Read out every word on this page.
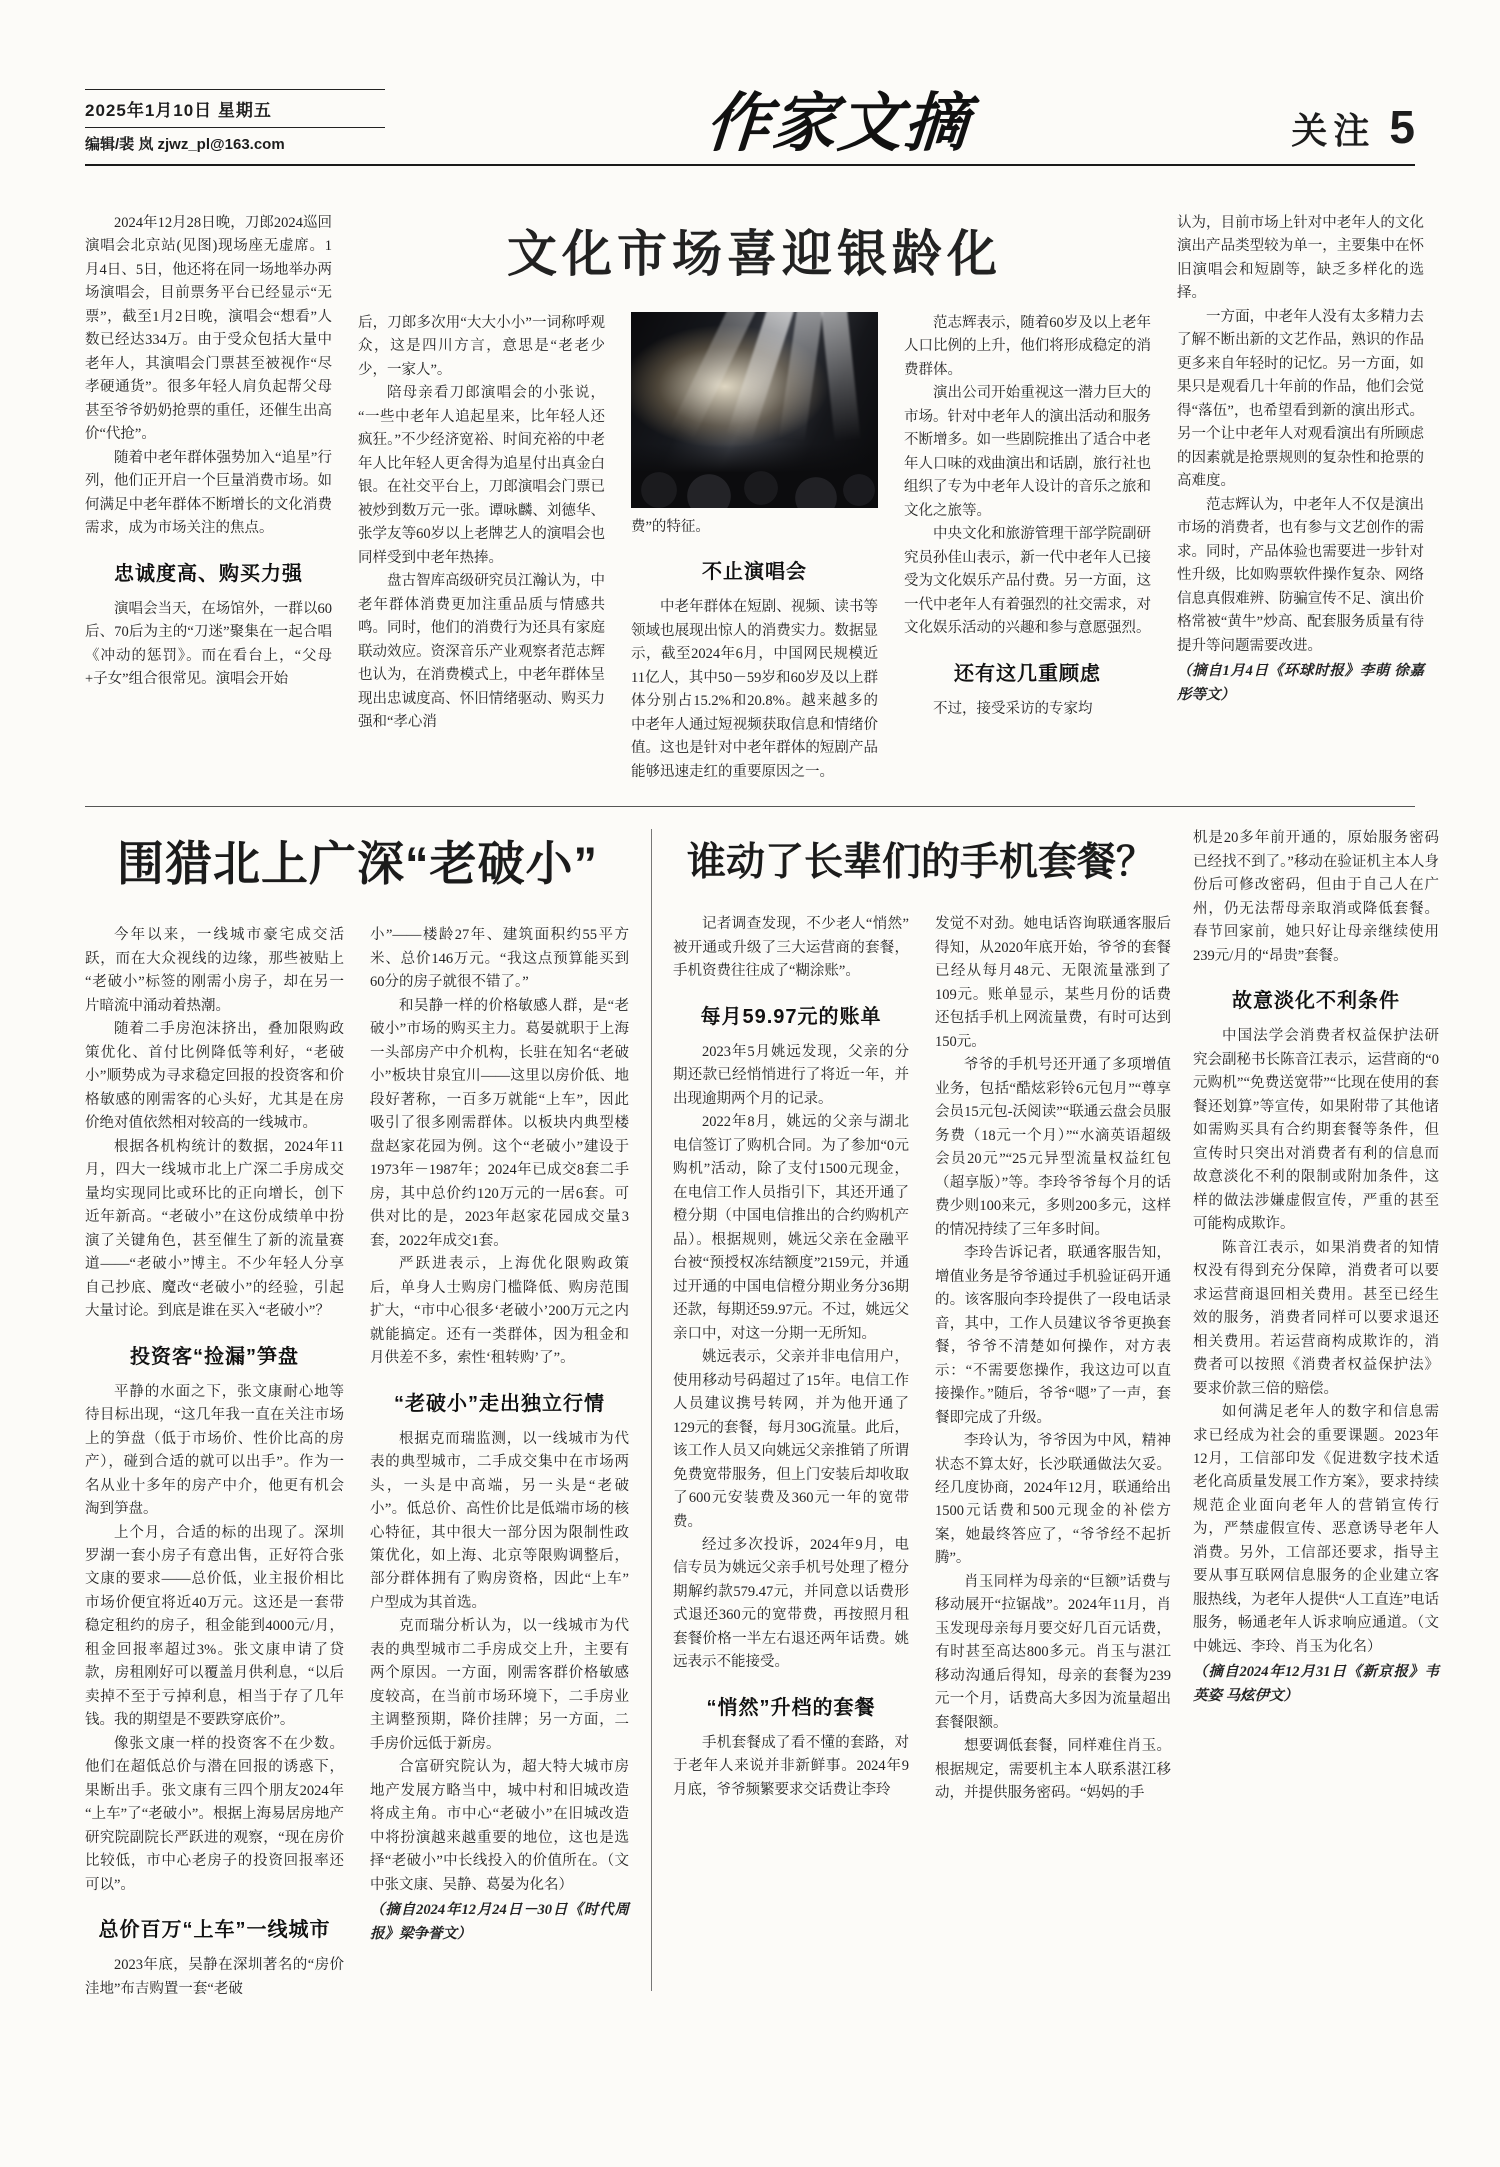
2025年1月10日 星期五
编辑/裴 岚 zjwz_pl@163.com	作家文摘	关注 5

2024年12月28日晚，刀郎2024巡回演唱会北京站(见图)现场座无虚席。1月4日、5日，他还将在同一场地举办两场演唱会，目前票务平台已经显示“无票”，截至1月2日晚，演唱会“想看”人数已经达334万。由于受众包括大量中老年人，其演唱会门票甚至被视作“尽孝硬通货”。很多年轻人肩负起帮父母甚至爷爷奶奶抢票的重任，还催生出高价“代抢”。

随着中老年群体强势加入“追星”行列，他们正开启一个巨量消费市场。如何满足中老年群体不断增长的文化消费需求，成为市场关注的焦点。

忠诚度高、购买力强

演唱会当天，在场馆外，一群以60后、70后为主的“刀迷”聚集在一起合唱《冲动的惩罚》。而在看台上，“父母+子女”组合很常见。演唱会开始

文化市场喜迎银龄化

后，刀郎多次用“大大小小”一词称呼观众，这是四川方言，意思是“老老少少，一家人”。

陪母亲看刀郎演唱会的小张说，“一些中老年人追起星来，比年轻人还疯狂。”不少经济宽裕、时间充裕的中老年人比年轻人更舍得为追星付出真金白银。在社交平台上，刀郎演唱会门票已被炒到数万元一张。谭咏麟、刘德华、张学友等60岁以上老牌艺人的演唱会也同样受到中老年热捧。

盘古智库高级研究员江瀚认为，中老年群体消费更加注重品质与情感共鸣。同时，他们的消费行为还具有家庭联动效应。资深音乐产业观察者范志辉也认为，在消费模式上，中老年群体呈现出忠诚度高、怀旧情绪驱动、购买力强和“孝心消

费”的特征。

不止演唱会

中老年群体在短剧、视频、读书等领域也展现出惊人的消费实力。数据显示，截至2024年6月，中国网民规模近11亿人，其中50－59岁和60岁及以上群体分别占15.2%和20.8%。越来越多的中老年人通过短视频获取信息和情绪价值。这也是针对中老年群体的短剧产品能够迅速走红的重要原因之一。

范志辉表示，随着60岁及以上老年人口比例的上升，他们将形成稳定的消费群体。

演出公司开始重视这一潜力巨大的市场。针对中老年人的演出活动和服务不断增多。如一些剧院推出了适合中老年人口味的戏曲演出和话剧，旅行社也组织了专为中老年人设计的音乐之旅和文化之旅等。

中央文化和旅游管理干部学院副研究员孙佳山表示，新一代中老年人已接受为文化娱乐产品付费。另一方面，这一代中老年人有着强烈的社交需求，对文化娱乐活动的兴趣和参与意愿强烈。

还有这几重顾虑

不过，接受采访的专家均

认为，目前市场上针对中老年人的文化演出产品类型较为单一，主要集中在怀旧演唱会和短剧等，缺乏多样化的选择。

一方面，中老年人没有太多精力去了解不断出新的文艺作品，熟识的作品更多来自年轻时的记忆。另一方面，如果只是观看几十年前的作品，他们会觉得“落伍”，也希望看到新的演出形式。另一个让中老年人对观看演出有所顾虑的因素就是抢票规则的复杂性和抢票的高难度。

范志辉认为，中老年人不仅是演出市场的消费者，也有参与文艺创作的需求。同时，产品体验也需要进一步针对性升级，比如购票软件操作复杂、网络信息真假难辨、防骗宣传不足、演出价格常被“黄牛”炒高、配套服务质量有待提升等问题需要改进。

（摘自1月4日《环球时报》李萌 徐嘉彤等文）

围猎北上广深“老破小”

今年以来，一线城市豪宅成交活跃，而在大众视线的边缘，那些被贴上“老破小”标签的刚需小房子，却在另一片暗流中涌动着热潮。

随着二手房泡沫挤出，叠加限购政策优化、首付比例降低等利好，“老破小”顺势成为寻求稳定回报的投资客和价格敏感的刚需客的心头好，尤其是在房价绝对值依然相对较高的一线城市。

根据各机构统计的数据，2024年11月，四大一线城市北上广深二手房成交量均实现同比或环比的正向增长，创下近年新高。“老破小”在这份成绩单中扮演了关键角色，甚至催生了新的流量赛道——“老破小”博主。不少年轻人分享自己抄底、魔改“老破小”的经验，引起大量讨论。到底是谁在买入“老破小”？

投资客“捡漏”笋盘

平静的水面之下，张文康耐心地等待目标出现，“这几年我一直在关注市场上的笋盘（低于市场价、性价比高的房产），碰到合适的就可以出手”。作为一名从业十多年的房产中介，他更有机会淘到笋盘。

上个月，合适的标的出现了。深圳罗湖一套小房子有意出售，正好符合张文康的要求——总价低，业主报价相比市场价便宜将近40万元。这还是一套带稳定租约的房子，租金能到4000元/月，租金回报率超过3%。张文康申请了贷款，房租刚好可以覆盖月供利息，“以后卖掉不至于亏掉利息，相当于存了几年钱。我的期望是不要跌穿底价”。

像张文康一样的投资客不在少数。他们在超低总价与潜在回报的诱惑下，果断出手。张文康有三四个朋友2024年“上车”了“老破小”。根据上海易居房地产研究院副院长严跃进的观察，“现在房价比较低，市中心老房子的投资回报率还可以”。

总价百万“上车”一线城市

2023年底，吴静在深圳著名的“房价洼地”布吉购置一套“老破

小”——楼龄27年、建筑面积约55平方米、总价146万元。“我这点预算能买到60分的房子就很不错了。”

和吴静一样的价格敏感人群，是“老破小”市场的购买主力。葛晏就职于上海一头部房产中介机构，长驻在知名“老破小”板块甘泉宜川——这里以房价低、地段好著称，一百多万就能“上车”，因此吸引了很多刚需群体。以板块内典型楼盘赵家花园为例。这个“老破小”建设于1973年－1987年；2024年已成交8套二手房，其中总价约120万元的一居6套。可供对比的是，2023年赵家花园成交量3套，2022年成交1套。

严跃进表示，上海优化限购政策后，单身人士购房门槛降低、购房范围扩大，“市中心很多‘老破小’200万元之内就能搞定。还有一类群体，因为租金和月供差不多，索性‘租转购’了”。

“老破小”走出独立行情

根据克而瑞监测，以一线城市为代表的典型城市，二手成交集中在市场两头，一头是中高端，另一头是“老破小”。低总价、高性价比是低端市场的核心特征，其中很大一部分因为限制性政策优化，如上海、北京等限购调整后，部分群体拥有了购房资格，因此“上车”户型成为其首选。

克而瑞分析认为，以一线城市为代表的典型城市二手房成交上升，主要有两个原因。一方面，刚需客群价格敏感度较高，在当前市场环境下，二手房业主调整预期，降价挂牌；另一方面，二手房价远低于新房。

合富研究院认为，超大特大城市房地产发展方略当中，城中村和旧城改造将成主角。市中心“老破小”在旧城改造中将扮演越来越重要的地位，这也是选择“老破小”中长线投入的价值所在。（文中张文康、吴静、葛晏为化名）

（摘自2024年12月24日－30日《时代周报》梁争誉文）

谁动了长辈们的手机套餐？

记者调查发现，不少老人“悄然”被开通或升级了三大运营商的套餐，手机资费往往成了“糊涂账”。

每月59.97元的账单

2023年5月姚远发现，父亲的分期还款已经悄悄进行了将近一年，并出现逾期两个月的记录。

2022年8月，姚远的父亲与湖北电信签订了购机合同。为了参加“0元购机”活动，除了支付1500元现金，在电信工作人员指引下，其还开通了橙分期（中国电信推出的合约购机产品）。根据规则，姚远父亲在金融平台被“预授权冻结额度”2159元，并通过开通的中国电信橙分期业务分36期还款，每期还59.97元。不过，姚远父亲口中，对这一分期一无所知。

姚远表示，父亲并非电信用户，使用移动号码超过了15年。电信工作人员建议携号转网，并为他开通了129元的套餐，每月30G流量。此后，该工作人员又向姚远父亲推销了所谓免费宽带服务，但上门安装后却收取了600元安装费及360元一年的宽带费。

经过多次投诉，2024年9月，电信专员为姚远父亲手机号处理了橙分期解约款579.47元，并同意以话费形式退还360元的宽带费，再按照月租套餐价格一半左右退还两年话费。姚远表示不能接受。

“悄然”升档的套餐

手机套餐成了看不懂的套路，对于老年人来说并非新鲜事。2024年9月底，爷爷频繁要求交话费让李玲

发觉不对劲。她电话咨询联通客服后得知，从2020年底开始，爷爷的套餐已经从每月48元、无限流量涨到了109元。账单显示，某些月份的话费还包括手机上网流量费，有时可达到150元。

爷爷的手机号还开通了多项增值业务，包括“酷炫彩铃6元包月”“尊享会员15元包-沃阅读”“联通云盘会员服务费（18元一个月）”“水滴英语超级会员20元”“25元异型流量权益红包（超享版）”等。李玲爷爷每个月的话费少则100来元，多则200多元，这样的情况持续了三年多时间。

李玲告诉记者，联通客服告知，增值业务是爷爷通过手机验证码开通的。该客服向李玲提供了一段电话录音，其中，工作人员建议爷爷更换套餐，爷爷不清楚如何操作，对方表示：“不需要您操作，我这边可以直接操作。”随后，爷爷“嗯”了一声，套餐即完成了升级。

李玲认为，爷爷因为中风，精神状态不算太好，长沙联通做法欠妥。经几度协商，2024年12月，联通给出1500元话费和500元现金的补偿方案，她最终答应了，“爷爷经不起折腾”。

肖玉同样为母亲的“巨额”话费与移动展开“拉锯战”。2024年11月，肖玉发现母亲每月要交好几百元话费，有时甚至高达800多元。肖玉与湛江移动沟通后得知，母亲的套餐为239元一个月，话费高大多因为流量超出套餐限额。

想要调低套餐，同样难住肖玉。根据规定，需要机主本人联系湛江移动，并提供服务密码。“妈妈的手

机是20多年前开通的，原始服务密码已经找不到了。”移动在验证机主本人身份后可修改密码，但由于自己人在广州，仍无法帮母亲取消或降低套餐。春节回家前，她只好让母亲继续使用239元/月的“昂贵”套餐。

故意淡化不利条件

中国法学会消费者权益保护法研究会副秘书长陈音江表示，运营商的“0元购机”“免费送宽带”“比现在使用的套餐还划算”等宣传，如果附带了其他诸如需购买具有合约期套餐等条件，但宣传时只突出对消费者有利的信息而故意淡化不利的限制或附加条件，这样的做法涉嫌虚假宣传，严重的甚至可能构成欺诈。

陈音江表示，如果消费者的知情权没有得到充分保障，消费者可以要求运营商退回相关费用。甚至已经生效的服务，消费者同样可以要求退还相关费用。若运营商构成欺诈的，消费者可以按照《消费者权益保护法》要求价款三倍的赔偿。

如何满足老年人的数字和信息需求已经成为社会的重要课题。2023年12月，工信部印发《促进数字技术适老化高质量发展工作方案》，要求持续规范企业面向老年人的营销宣传行为，严禁虚假宣传、恶意诱导老年人消费。另外，工信部还要求，指导主要从事互联网信息服务的企业建立客服热线，为老年人提供“人工直连”电话服务，畅通老年人诉求响应通道。（文中姚远、李玲、肖玉为化名）

（摘自2024年12月31日《新京报》韦英姿 马炫伊文）
